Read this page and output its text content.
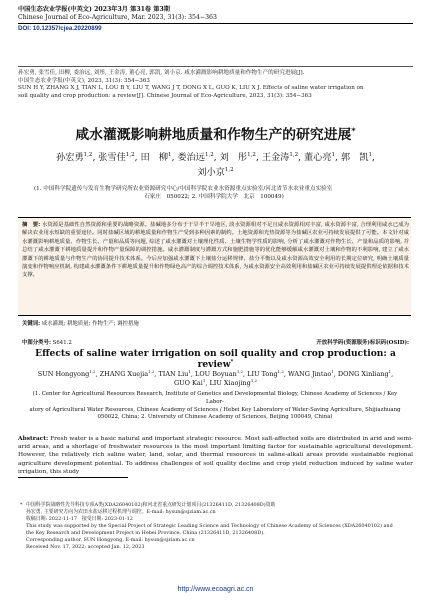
中国生态农业学报(中英文) 2023年3月 第31卷 第3期
Chinese Journal of Eco-Agriculture, Mar. 2023, 31(3): 354−363
DOI: 10.12357/cjea.20220899

孙宏勇, 张雪佳, 田柳, 娄治远, 刘彤, 王金涛, 董心亮, 郭凯, 刘小京. 咸水灌溉影响耕地质量和作物生产的研究进展[J].

中国生态农业学报(中英文), 2023, 31(3): 354−363

SUN H Y, ZHANG X J, TIAN L, LOU B Y, LIU T, WANG J T, DONG X L, GUO K, LIU X J. Effects of saline water irrigation on

soil quality and crop production: a review[J]. Chinese Journal of Eco-Agriculture, 2023, 31(3): 354−363

咸水灌溉影响耕地质量和作物生产的研究进展*
孙宏勇$^{1,2}$, 张雪佳$^{1,2}$, 田　柳$^1$, 娄治远$^{1,2}$, 刘　彤$^{1,2}$, 王金涛$^{1,2}$, 董心亮$^1$, 郭　凯$^1$,
刘小京$^{1,2}$
(1. 中国科学院遗传与发育生物学研究所农业资源研究中心/中国科学院农业水资源重点实验室/河北省节水农业重点实验室
石家庄　050022; 2. 中国科学院大学　北京　100049)
摘　要: 水资源是基础性自然资源和重要的战略资源。盐碱地多分布于干旱半干旱地区, 淡水资源相对不足且咸水资源相对丰富, 咸水资源丰富, 合理利用咸水已成为解决农业用水短缺的重要途径。同时盐碱区域的耕地质量和作物生产受到多种因素的制约。土地资源和光热资源等为盐碱区农业可持续发展提供了可能。本文针对咸水灌溉影响耕地质量、作物生长、产量和品质等问题, 综述了咸水灌溉对土壤理化性质、土壤生物学性质的影响, 分析了咸水灌溉对作物生长、产量和品质的影响, 并总结了咸水灌溉下耕地质量提升和作物产量保障的调控措施。咸水灌溉制度与灌溉方式和施肥措施等的优化能够缓解咸水灌溉对土壤和作物的不利影响, 建立了咸水灌溉下的耕地质量与作物生产的协同提升技术体系。今后应加强咸水灌溉下土壤盐分运移规律、盐分平衡以及咸水资源高效安全利用的长期定位研究, 明确土壤质量演变和作物响应机制, 构建咸水灌溉条件下耕地质量提升和作物绿色高产的综合调控技术体系, 为咸水资源安全高效利用和盐碱区农业可持续发展提供理论依据和技术支撑。
关键词: 咸水灌溉; 耕地质量; 作物生产; 调控措施
中图分类号: S641.2	开放科学码(资源服务)标识码(OSID):
Effects of saline water irrigation on soil quality and crop production: a review*
SUN Hongyong$^{1,2}$, ZHANG Xuejia$^{1,2}$, TIAN Liu$^1$, LOU Boyuan$^{1,2}$, LIU Tong$^{1,2}$, WANG Jintao$^1$, DONG Xinliang$^1$,
GUO Kai$^1$, LIU Xiaojing$^{1,2}$
(1. Center for Agricultural Resources Research, Institute of Genetics and Developmental Biology, Chinese Academy of Sciences / Key Labor-
atory of Agricultural Water Resources, Chinese Academy of Sciences / Hebei Key Laboratory of Water-Saving Agriculture, Shijiazhuang
050022, China; 2. University of Chinese Academy of Sciences, Beijing 100049, China)
Abstract: Fresh water is a basic natural and important strategic resource. Most salt-affected soils are distributed in arid and semi-arid areas, and a shortage of freshwater resources is the most important limiting factor for sustainable agricultural development. However, the relatively rich saline water, land, solar, and thermal resources in saline-alkali areas provide sustainable regional agriculture development potential. To address challenges of soil quality decline and crop yield reduction induced by saline water irrigation, this study
* 中国科学院战略性先导科技专项A类(XDA26040102)和河北省重点研发计划项目(21326411D, 21326408D)资助

孙宏勇, 主要研究方向为农田水盐运移过程机理与调控。E-mail: hysun@sjziam.ac.cn

收稿日期: 2022-11-17　接受日期: 2023-01-12

This study was supported by the Special Project of Strategic Leading Science and Technology of Chinese Academy of Sciences (XDA26040102) and

the Key Research and Development Project in Hebei Province, China (21326411D, 21326408D).

Corresponding author, SUN Hongyong, E-mail: hysun@sjziam.ac.cn

Received Nov. 17, 2022; accepted Jan. 12, 2023

http://www.ecoagri.ac.cn
